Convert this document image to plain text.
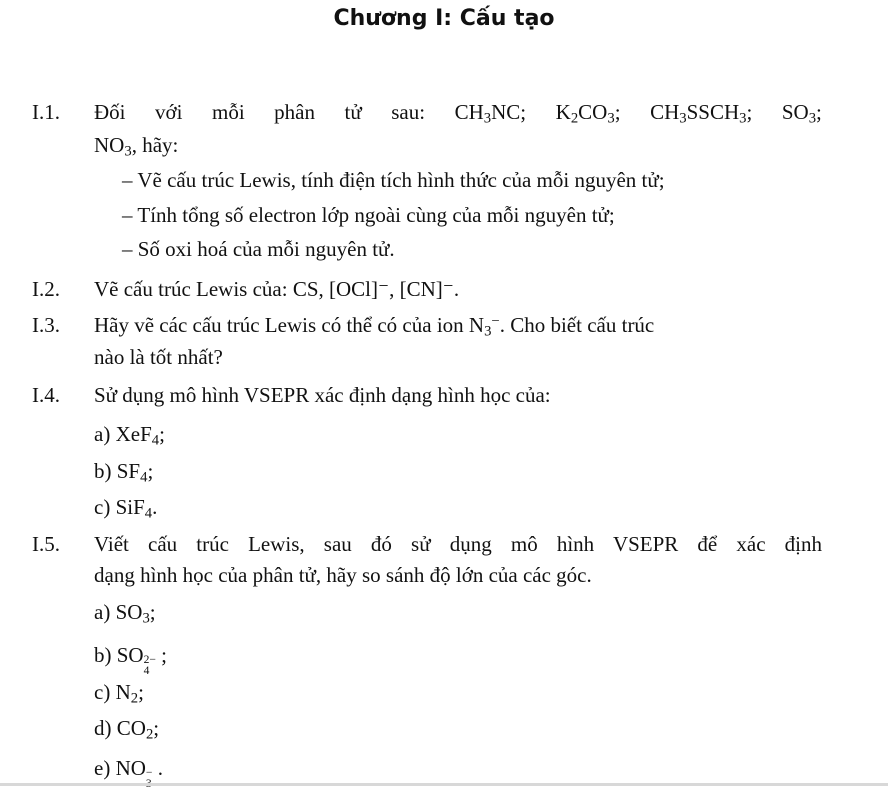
Chương I: Cấu tạo
I.1. Đối với mỗi phân tử sau: $CH_3NC$; $K_2CO_3$; $CH_3SSCH_3$; $SO_3$;
$NO_3$, hãy:
– Vẽ cấu trúc Lewis, tính điện tích hình thức của mỗi nguyên tử;
– Tính tổng số electron lớp ngoài cùng của mỗi nguyên tử;
– Số oxi hoá của mỗi nguyên tử.
I.2. Vẽ cấu trúc Lewis của: CS, [OCl]⁻, [CN]⁻.
I.3. Hãy vẽ các cấu trúc Lewis có thể có của ion $N_3^-$. Cho biết cấu trúc
nào là tốt nhất?
I.4. Sử dụng mô hình VSEPR xác định dạng hình học của:
a) XeF$_4$;
b) $SF_4$;
c) SiF$_4$.
I.5. Viết cấu trúc Lewis, sau đó sử dụng mô hình VSEPR để xác định
dạng hình học của phân tử, hãy so sánh độ lớn của các góc.
a) $SO_3$;
b) SO 2−
4
;
c) $N_2$;
d) $CO_2$;
e) NO − .
